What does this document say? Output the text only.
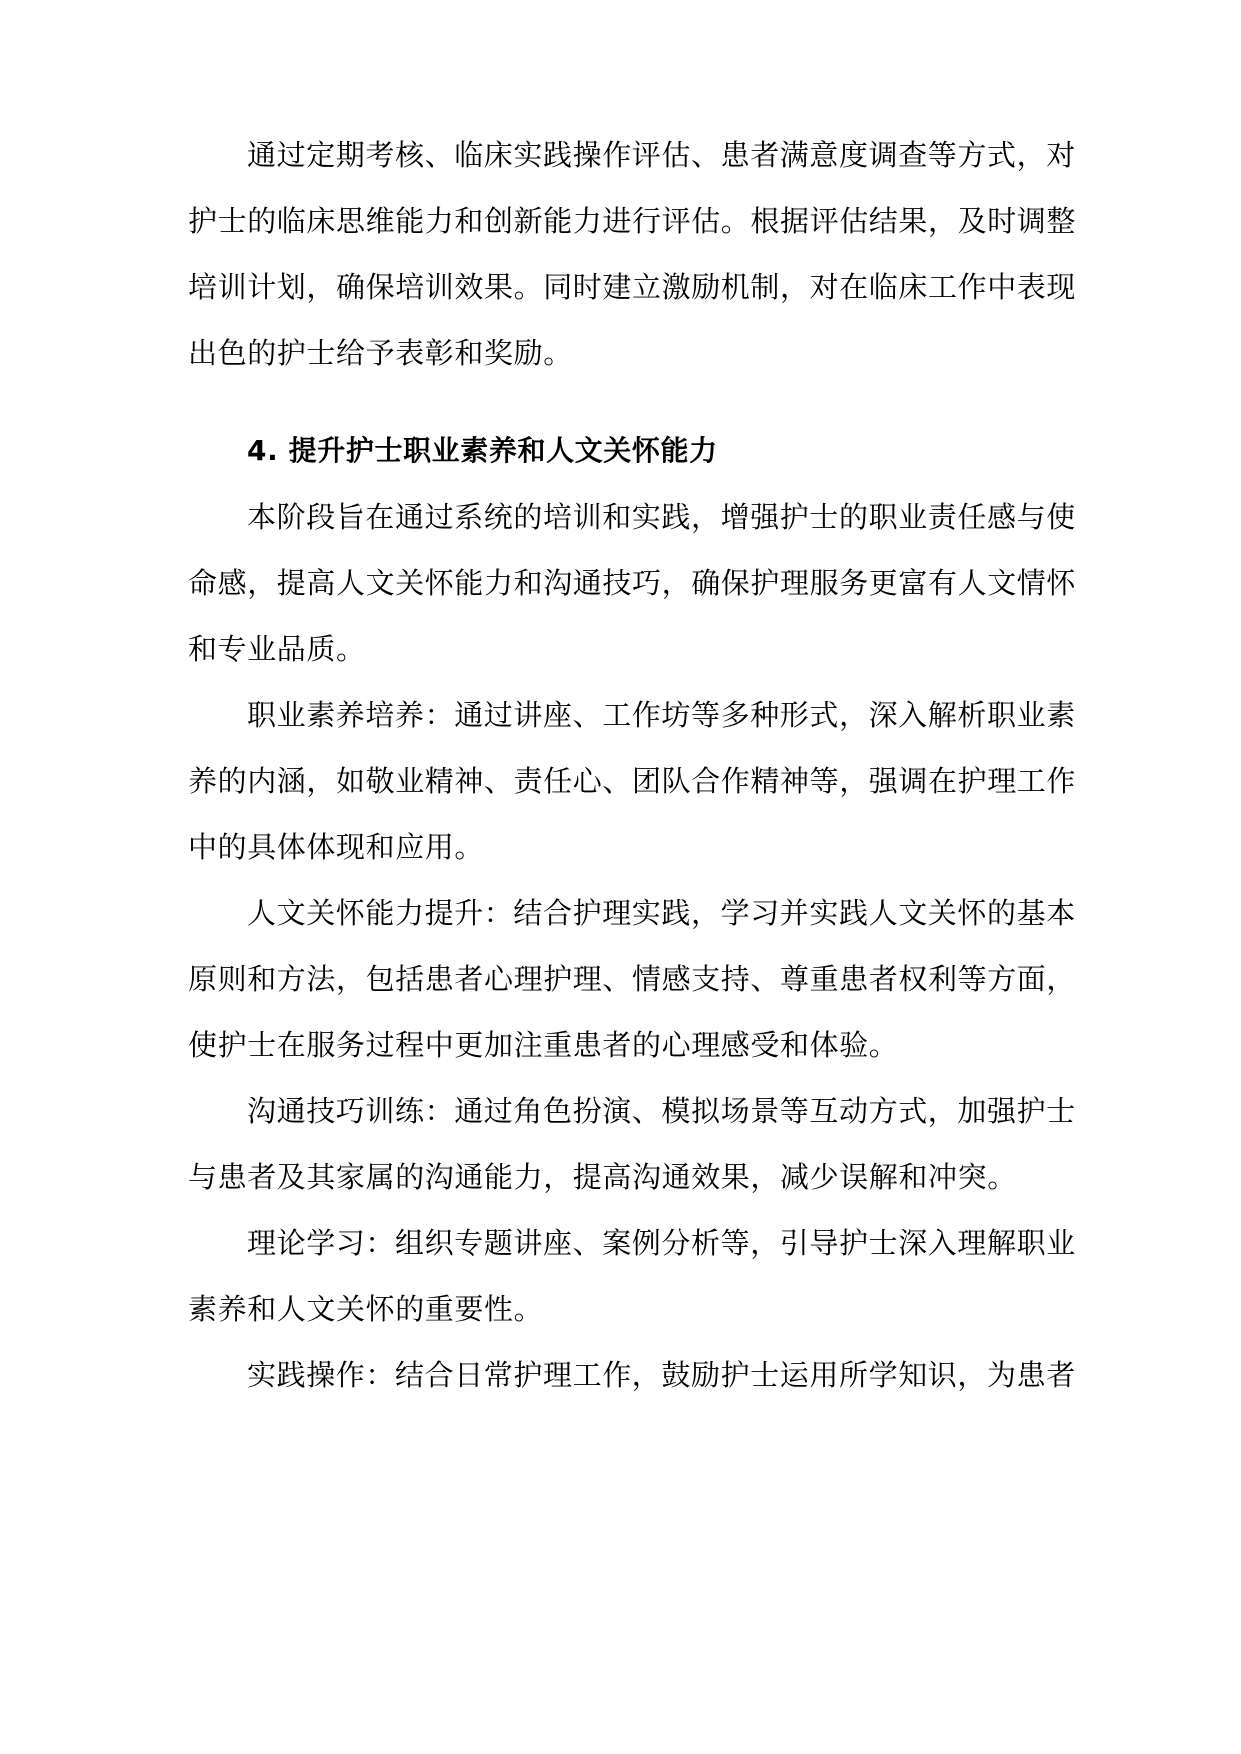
通过定期考核、临床实践操作评估、患者满意度调查等方式，对

护士的临床思维能力和创新能力进行评估。根据评估结果，及时调整

培训计划，确保培训效果。同时建立激励机制，对在临床工作中表现

出色的护士给予表彰和奖励。

4. 提升护士职业素养和人文关怀能力

本阶段旨在通过系统的培训和实践，增强护士的职业责任感与使

命感，提高人文关怀能力和沟通技巧，确保护理服务更富有人文情怀

和专业品质。

职业素养培养：通过讲座、工作坊等多种形式，深入解析职业素

养的内涵，如敬业精神、责任心、团队合作精神等，强调在护理工作

中的具体体现和应用。

人文关怀能力提升：结合护理实践，学习并实践人文关怀的基本

原则和方法，包括患者心理护理、情感支持、尊重患者权利等方面，

使护士在服务过程中更加注重患者的心理感受和体验。

沟通技巧训练：通过角色扮演、模拟场景等互动方式，加强护士

与患者及其家属的沟通能力，提高沟通效果，减少误解和冲突。

理论学习：组织专题讲座、案例分析等，引导护士深入理解职业

素养和人文关怀的重要性。

实践操作：结合日常护理工作，鼓励护士运用所学知识，为患者
